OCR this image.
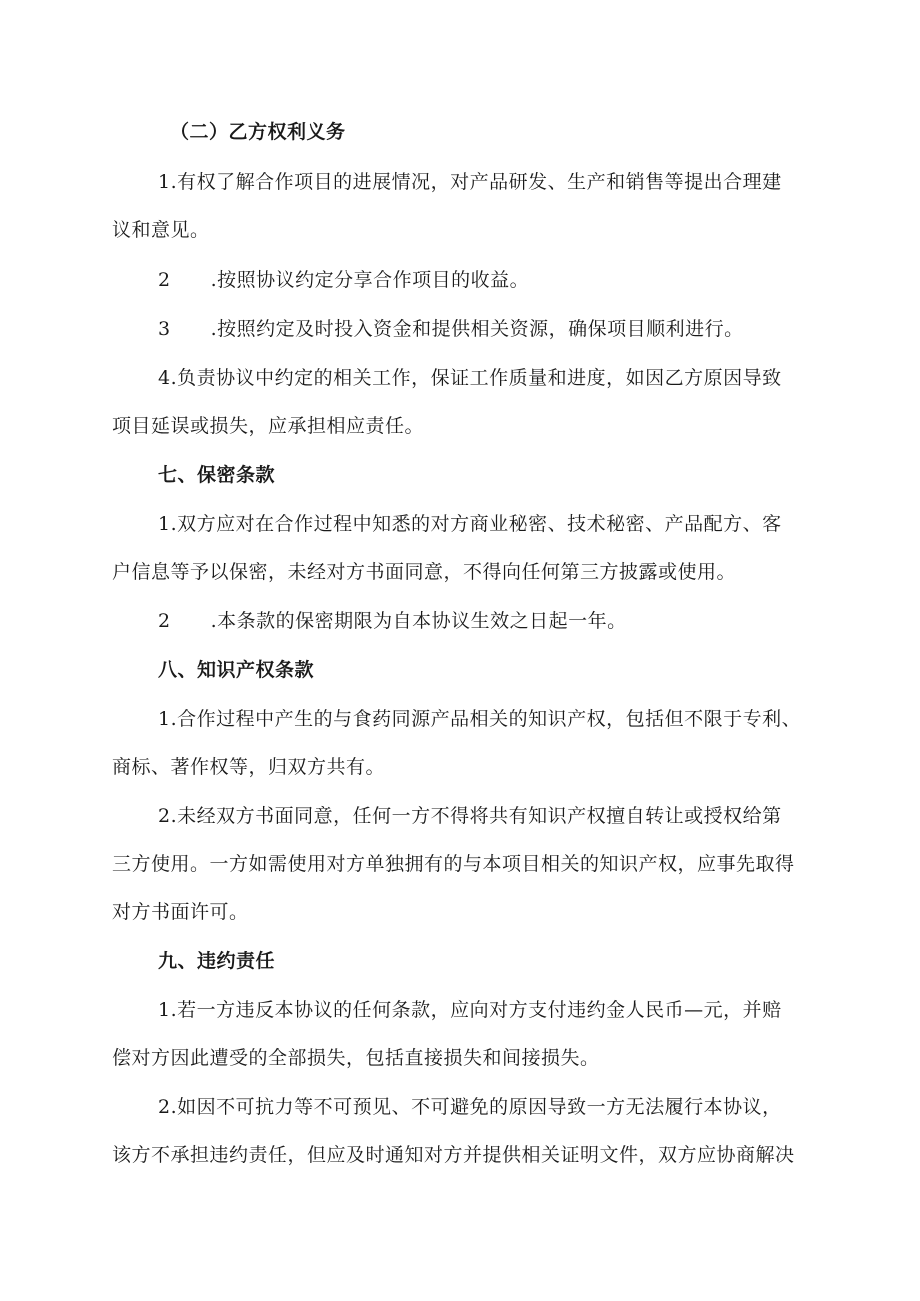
（二）乙方权利义务
1.有权了解合作项目的进展情况，对产品研发、生产和销售等提出合理建
议和意见。
2 .按照协议约定分享合作项目的收益。
3 .按照约定及时投入资金和提供相关资源，确保项目顺利进行。
4.负责协议中约定的相关工作，保证工作质量和进度，如因乙方原因导致
项目延误或损失，应承担相应责任。
七、保密条款
1.双方应对在合作过程中知悉的对方商业秘密、技术秘密、产品配方、客
户信息等予以保密，未经对方书面同意，不得向任何第三方披露或使用。
2 .本条款的保密期限为自本协议生效之日起一年。
八、知识产权条款
1.合作过程中产生的与食药同源产品相关的知识产权，包括但不限于专利、
商标、著作权等，归双方共有。
2.未经双方书面同意，任何一方不得将共有知识产权擅自转让或授权给第
三方使用。一方如需使用对方单独拥有的与本项目相关的知识产权，应事先取得
对方书面许可。
九、违约责任
1.若一方违反本协议的任何条款，应向对方支付违约金人民币—元，并赔
偿对方因此遭受的全部损失，包括直接损失和间接损失。
2.如因不可抗力等不可预见、不可避免的原因导致一方无法履行本协议，
该方不承担违约责任，但应及时通知对方并提供相关证明文件，双方应协商解决
